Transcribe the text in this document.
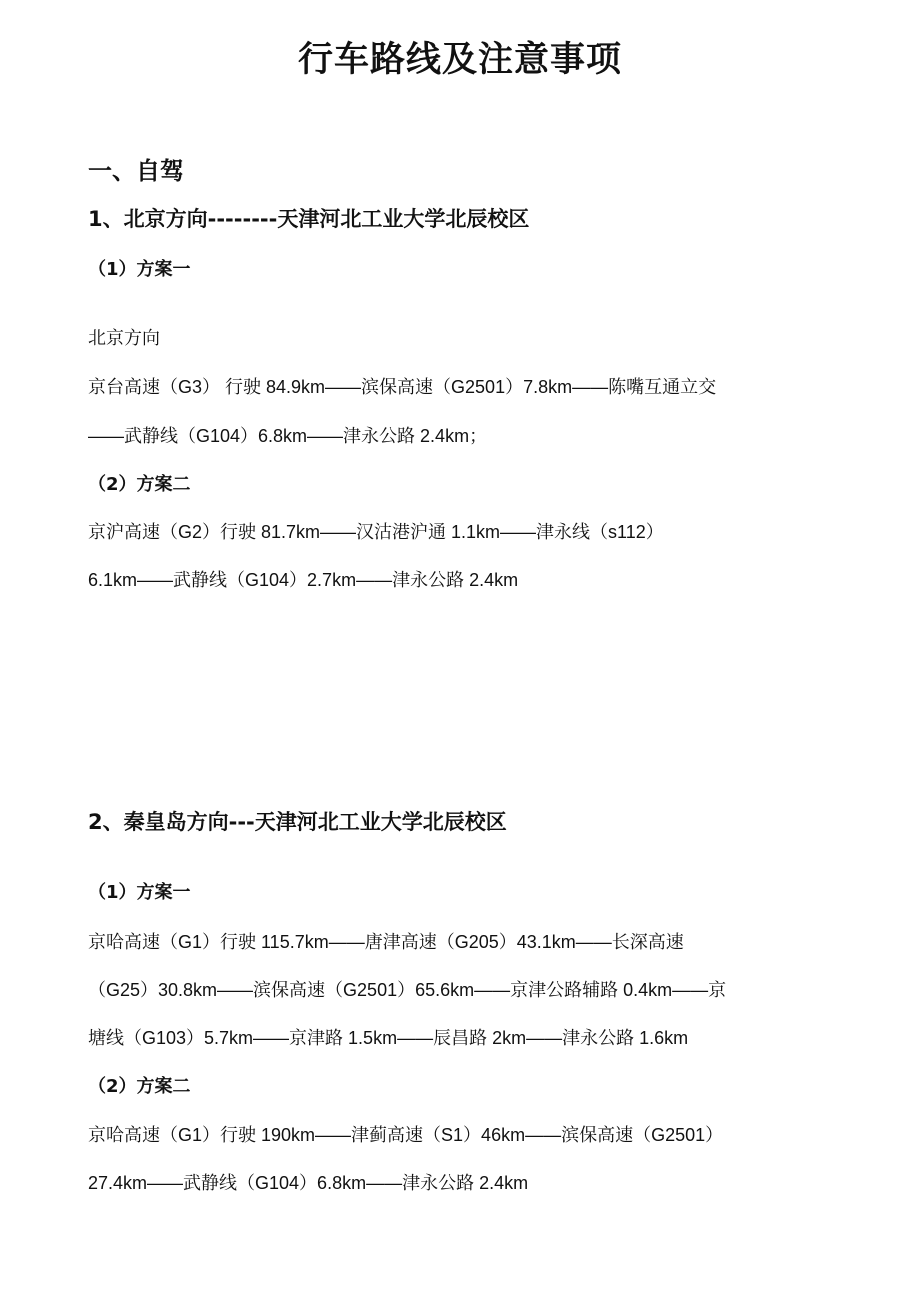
行车路线及注意事项
一、自驾
1、北京方向--------天津河北工业大学北辰校区
（1）方案一
北京方向
京台高速（G3） 行驶 84.9km——滨保高速（G2501）7.8km——陈嘴互通立交
——武静线（G104）6.8km——津永公路 2.4km；
（2）方案二
京沪高速（G2）行驶 81.7km——汉沽港沪通 1.1km——津永线（s112）
6.1km——武静线（G104）2.7km——津永公路 2.4km
2、秦皇岛方向---天津河北工业大学北辰校区
（1）方案一
京哈高速（G1）行驶 115.7km——唐津高速（G205）43.1km——长深高速
（G25）30.8km——滨保高速（G2501）65.6km——京津公路辅路 0.4km——京
塘线（G103）5.7km——京津路 1.5km——辰昌路 2km——津永公路 1.6km
（2）方案二
京哈高速（G1）行驶 190km——津蓟高速（S1）46km——滨保高速（G2501）
27.4km——武静线（G104）6.8km——津永公路 2.4km
